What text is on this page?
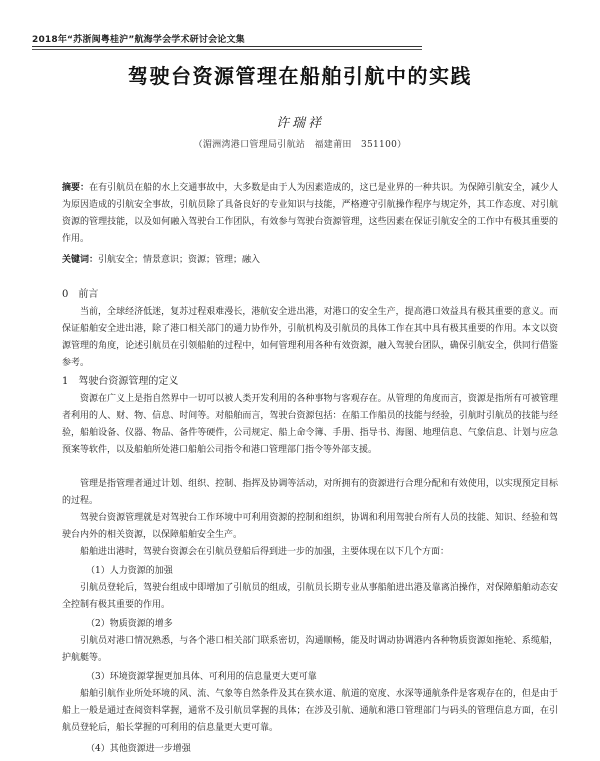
2018年“苏浙闽粤桂沪”航海学会学术研讨会论文集
驾驶台资源管理在船舶引航中的实践
许瑞祥
（湄洲湾港口管理局引航站　福建莆田　351100）
摘要：在有引航员在船的水上交通事故中，大多数是由于人为因素造成的，这已是业界的一种共识。为保障引航安全，减少人为原因造成的引航安全事故，引航员除了具备良好的专业知识与技能，严格遵守引航操作程序与规定外，其工作态度、对引航资源的管理技能，以及如何融入驾驶台工作团队，有效参与驾驶台资源管理，这些因素在保证引航安全的工作中有极其重要的作用。
关键词：引航安全；情景意识；资源；管理；融入
0　前言
当前，全球经济低迷，复苏过程艰难漫长，港航安全进出港，对港口的安全生产，提高港口效益具有极其重要的意义。而保证船舶安全进出港，除了港口相关部门的通力协作外，引航机构及引航员的具体工作在其中具有极其重要的作用。本文以资源管理的角度，论述引航员在引领船舶的过程中，如何管理利用各种有效资源，融入驾驶台团队，确保引航安全，供同行借鉴参考。
1　驾驶台资源管理的定义
资源在广义上是指自然界中一切可以被人类开发利用的各种事物与客观存在。从管理的角度而言，资源是指所有可被管理者利用的人、财、物、信息、时间等。对船舶而言，驾驶台资源包括：在船工作船员的技能与经验，引航时引航员的技能与经验，船舶设备、仪器、物品、备件等硬件，公司规定、船上命令簿、手册、指导书、海图、地理信息、气象信息、计划与应急预案等软件，以及船舶所处港口船舶公司指令和港口管理部门指令等外部支援。
管理是指管理者通过计划、组织、控制、指挥及协调等活动，对所拥有的资源进行合理分配和有效使用，以实现预定目标的过程。
驾驶台资源管理就是对驾驶台工作环境中可利用资源的控制和组织，协调和利用驾驶台所有人员的技能、知识、经验和驾驶台内外的相关资源，以保障船舶安全生产。
船舶进出港时，驾驶台资源会在引航员登船后得到进一步的加强，主要体现在以下几个方面：
（1）人力资源的加强
引航员登轮后，驾驶台组成中即增加了引航员的组成，引航员长期专业从事船舶进出港及靠离泊操作，对保障船舶动态安全控制有极其重要的作用。
（2）物质资源的增多
引航员对港口情况熟悉，与各个港口相关部门联系密切，沟通顺畅，能及时调动协调港内各种物质资源如拖轮、系缆船，护航艇等。
（3）环境资源掌握更加具体、可利用的信息量更大更可靠
船舶引航作业所处环境的风、流、气象等自然条件及其在狭水道、航道的宽度、水深等通航条件是客观存在的，但是由于船上一般是通过查阅资料掌握，通常不及引航员掌握的具体；在涉及引航、通航和港口管理部门与码头的管理信息方面，在引航员登轮后，船长掌握的可利用的信息量更大更可靠。
（4）其他资源进一步增强
